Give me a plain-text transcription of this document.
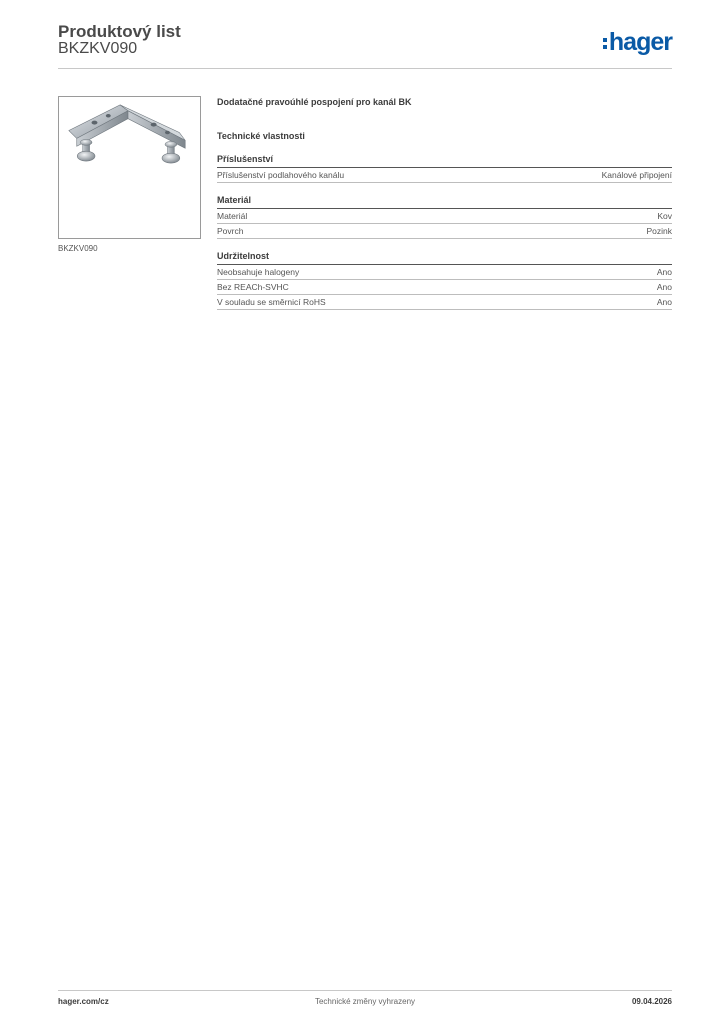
Produktový list
BKZKV090	hager
BKZKV090
Dodatačné pravoúhlé pospojení pro kanál BK
Technické vlastnosti
Příslušenství
Příslušenství podlahového kanálu	Kanálové připojení
Materiál
Materiál	Kov
Povrch	Pozink
Udržitelnost
Neobsahuje halogeny	Ano
Bez REACh-SVHC	Ano
V souladu se směrnicí RoHS	Ano
hager.com/cz	Technické změny vyhrazeny	09.04.2026
